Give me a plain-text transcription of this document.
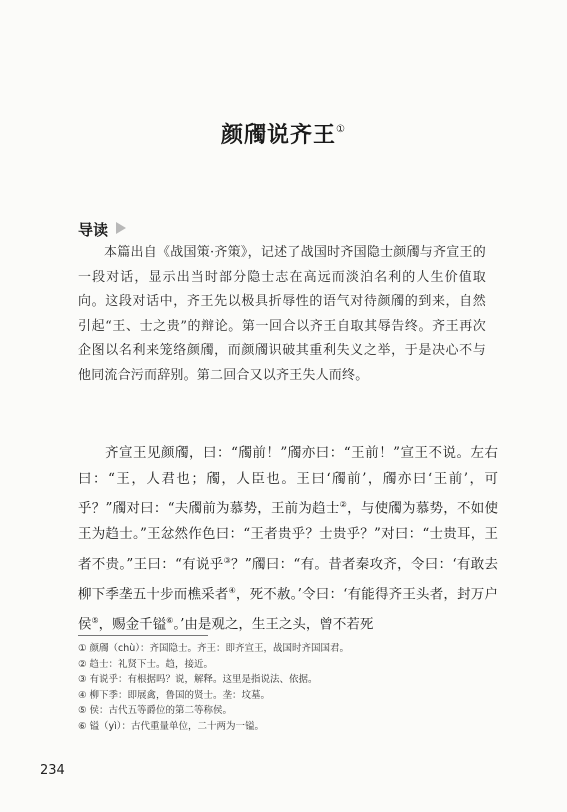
颜斶说齐王①
导读

本篇出自《战国策·齐策》，记述了战国时齐国隐士颜斶与齐宣王的一段对话，显示出当时部分隐士志在高远而淡泊名利的人生价值取向。这段对话中，齐王先以极具折辱性的语气对待颜斶的到来，自然引起“王、士之贵”的辩论。第一回合以齐王自取其辱告终。齐王再次企图以名利来笼络颜斶，而颜斶识破其重利失义之举，于是决心不与他同流合污而辞别。第二回合又以齐王失人而终。

齐宣王见颜斶，曰：“斶前！”斶亦曰：“王前！”宣王不说。左右曰：“王，人君也；斶，人臣也。王曰‘斶前’，斶亦曰‘王前’，可乎？”斶对曰：“夫斶前为慕势，王前为趋士②，与使斶为慕势，不如使王为趋士。”王忿然作色曰：“王者贵乎？士贵乎？”对曰：“士贵耳，王者不贵。”王曰：“有说乎③？”斶曰：“有。昔者秦攻齐，令曰：‘有敢去柳下季垄五十步而樵采者④，死不赦。’令曰：‘有能得齐王头者，封万户侯⑤，赐金千镒⑥。’由是观之，生王之头，曾不若死

① 颜斶（chù）：齐国隐士。齐王：即齐宣王，战国时齐国国君。
② 趋士：礼贤下士。趋，接近。
③ 有说乎：有根据吗？说，解释。这里是指说法、依据。
④ 柳下季：即展禽，鲁国的贤士。垄：坟墓。
⑤ 侯：古代五等爵位的第二等称侯。
⑥ 镒（yì）：古代重量单位，二十两为一镒。
234
